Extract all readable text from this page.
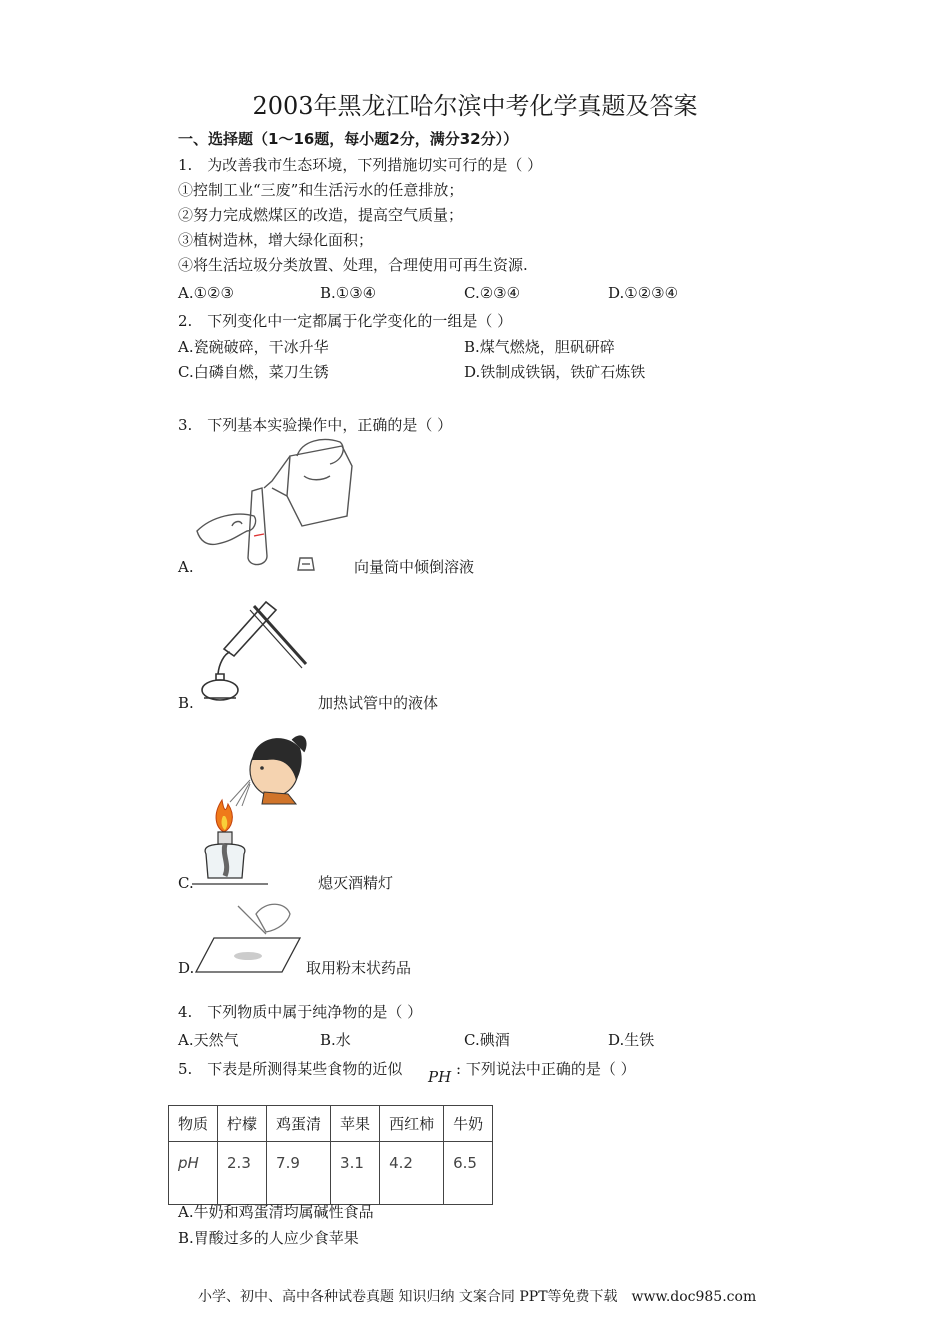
2003年黑龙江哈尔滨中考化学真题及答案
一、选择题（1～16题，每小题2分，满分32分））
1.　为改善我市生态环境，下列措施切实可行的是（ ）
①控制工业“三废”和生活污水的任意排放；
②努力完成燃煤区的改造，提高空气质量；
③植树造林，增大绿化面积；
④将生活垃圾分类放置、处理，合理使用可再生资源.
A.①②③	B.①③④	C.②③④	D.①②③④
2.　下列变化中一定都属于化学变化的一组是（ ）
A.瓷碗破碎，干冰升华	B.煤气燃烧，胆矾研碎
C.白磷自燃，菜刀生锈	D.铁制成铁锅，铁矿石炼铁
3.　下列基本实验操作中，正确的是（ ）
A.	向量筒中倾倒溶液
B.	加热试管中的液体
C.	熄灭酒精灯
D.	取用粉末状药品
4.　下列物质中属于纯净物的是（ ）
A.天然气	B.水	C.碘酒	D.生铁
5.　下表是所测得某些食物的近似 PH : 下列说法中正确的是（ ）
物质	柠檬	鸡蛋清	苹果	西红柿	牛奶
pH	2.3	7.9	3.1	4.2	6.5
A.牛奶和鸡蛋清均属碱性食品
B.胃酸过多的人应少食苹果
小学、初中、高中各种试卷真题 知识归纳 文案合同 PPT等免费下载　www.doc985.com
